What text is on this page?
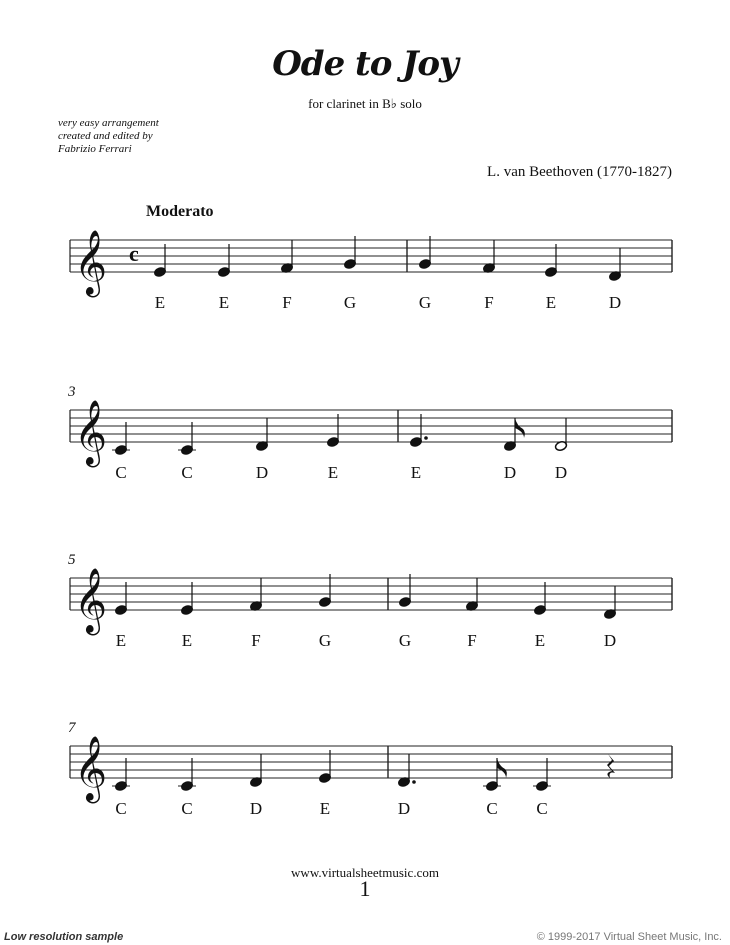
Ode to Joy
for clarinet in B♭ solo
very easy arrangement
created and edited by
Fabrizio Ferrari
L. van Beethoven (1770-1827)
Moderato
𝄞 c
E	E	F	G	G	F	E	D
𝄞
3
C	C	D	E	E	D D
𝄞
5
E	E	F	G	G	F	E	D
𝄞
7
C	C	D	E	D	C C
www.virtualsheetmusic.com
1
Low resolution sample	© 1999-2017 Virtual Sheet Music, Inc.
